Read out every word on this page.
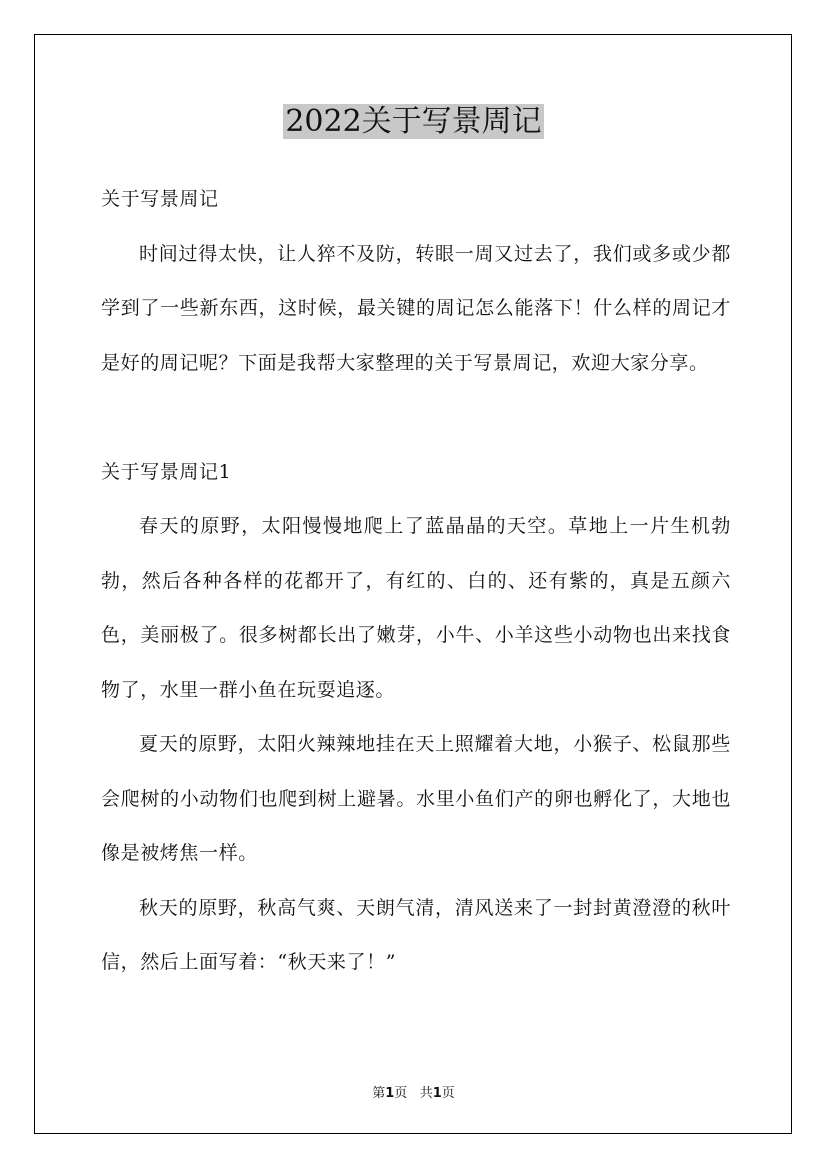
2022关于写景周记

关于写景周记

时间过得太快，让人猝不及防，转眼一周又过去了，我们或多或少都学到了一些新东西，这时候，最关键的周记怎么能落下！什么样的周记才是好的周记呢？下面是我帮大家整理的关于写景周记，欢迎大家分享。

关于写景周记1

春天的原野，太阳慢慢地爬上了蓝晶晶的天空。草地上一片生机勃勃，然后各种各样的花都开了，有红的、白的、还有紫的，真是五颜六色，美丽极了。很多树都长出了嫩芽，小牛、小羊这些小动物也出来找食物了，水里一群小鱼在玩耍追逐。

夏天的原野，太阳火辣辣地挂在天上照耀着大地，小猴子、松鼠那些会爬树的小动物们也爬到树上避暑。水里小鱼们产的卵也孵化了，大地也像是被烤焦一样。

秋天的原野，秋高气爽、天朗气清，清风送来了一封封黄澄澄的秋叶信，然后上面写着：“秋天来了！”

第1页 共1页
